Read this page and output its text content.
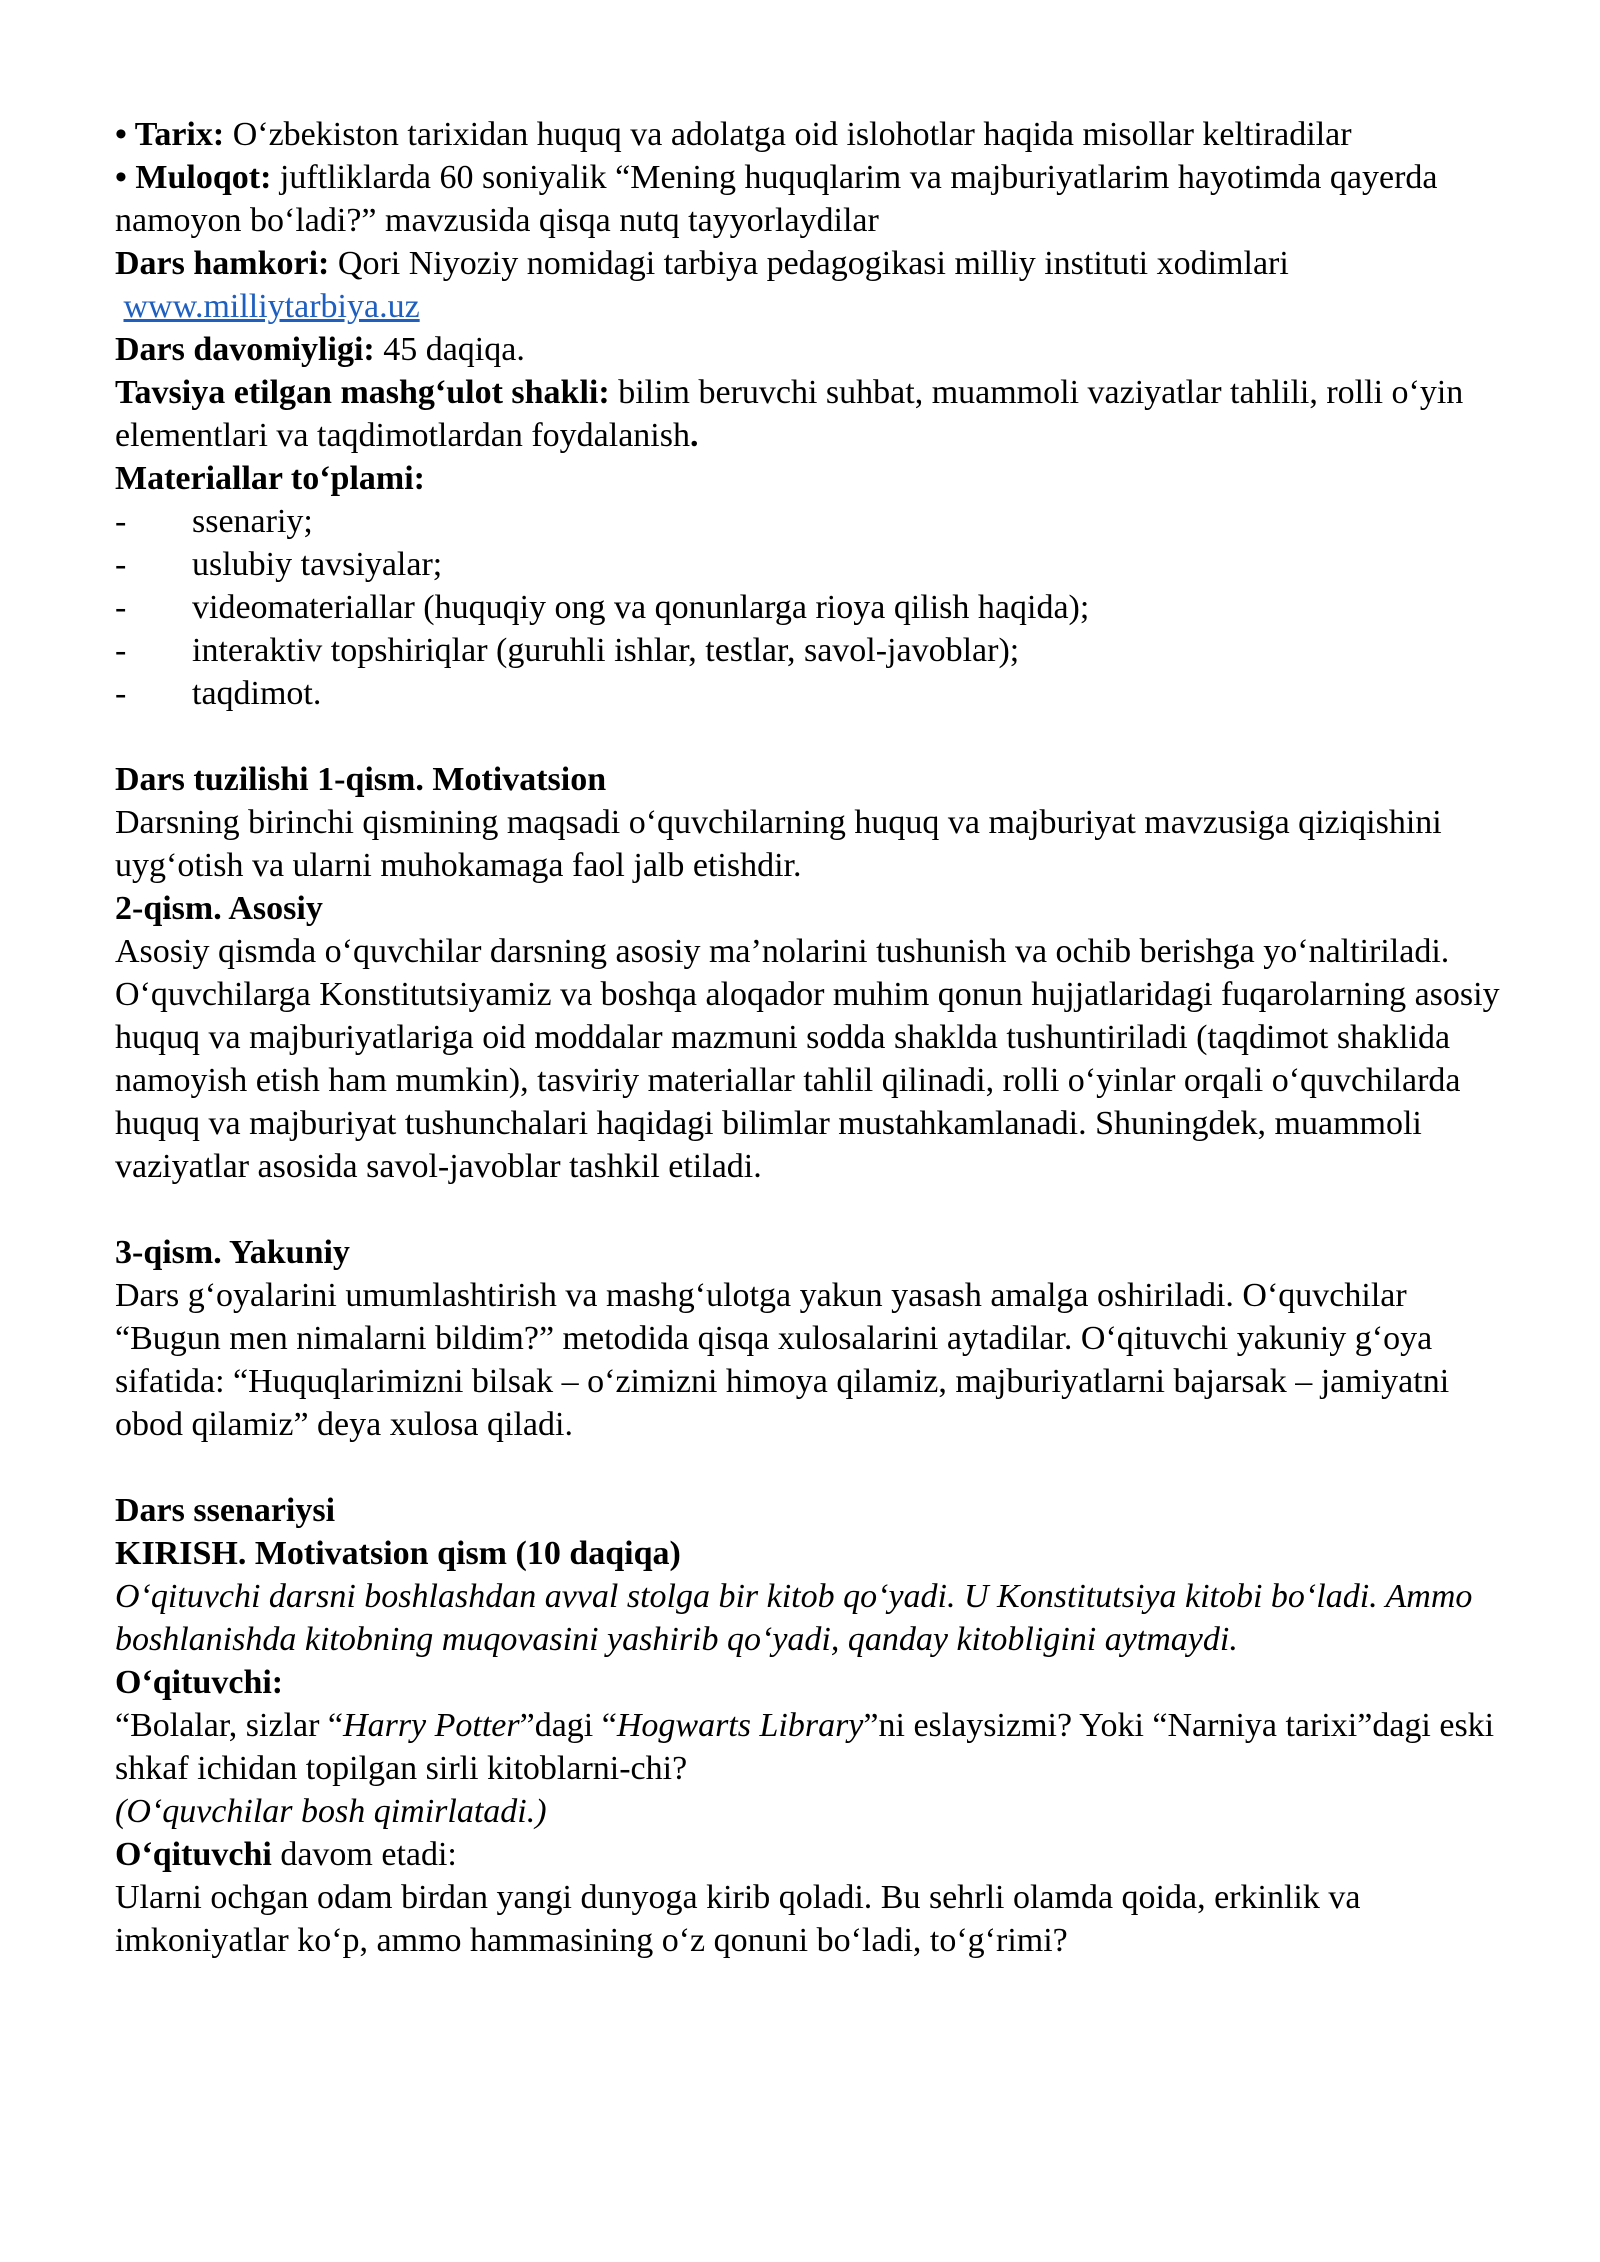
• Tarix: O‘zbekiston tarixidan huquq va adolatga oid islohotlar haqida misollar keltiradilar

• Muloqot: juftliklarda 60 soniyalik “Mening huquqlarim va majburiyatlarim hayotimda qayerda namoyon bo‘ladi?” mavzusida qisqa nutq tayyorlaydilar

Dars hamkori: Qori Niyoziy nomidagi tarbiya pedagogikasi milliy instituti xodimlari
www.milliytarbiya.uz

Dars davomiyligi: 45 daqiqa.

Tavsiya etilgan mashg‘ulot shakli: bilim beruvchi suhbat, muammoli vaziyatlar tahlili, rolli o‘yin elementlari va taqdimotlardan foydalanish.

Materiallar to‘plami:

- ssenariy;
- uslubiy tavsiyalar;
- videomateriallar (huquqiy ong va qonunlarga rioya qilish haqida);
- interaktiv topshiriqlar (guruhli ishlar, testlar, savol-javoblar);
- taqdimot.

Dars tuzilishi 1-qism. Motivatsion

Darsning birinchi qismining maqsadi o‘quvchilarning huquq va majburiyat mavzusiga qiziqishini uyg‘otish va ularni muhokamaga faol jalb etishdir.

2-qism. Asosiy

Asosiy qismda o‘quvchilar darsning asosiy ma’nolarini tushunish va ochib berishga yo‘naltiriladi. O‘quvchilarga Konstitutsiyamiz va boshqa aloqador muhim qonun hujjatlaridagi fuqarolarning asosiy huquq va majburiyatlariga oid moddalar mazmuni sodda shaklda tushuntiriladi (taqdimot shaklida namoyish etish ham mumkin), tasviriy materiallar tahlil qilinadi, rolli o‘yinlar orqali o‘quvchilarda huquq va majburiyat tushunchalari haqidagi bilimlar mustahkamlanadi. Shuningdek, muammoli vaziyatlar asosida savol-javoblar tashkil etiladi.

3-qism. Yakuniy

Dars g‘oyalarini umumlashtirish va mashg‘ulotga yakun yasash amalga oshiriladi. O‘quvchilar “Bugun men nimalarni bildim?” metodida qisqa xulosalarini aytadilar. O‘qituvchi yakuniy g‘oya sifatida: “Huquqlarimizni bilsak – o‘zimizni himoya qilamiz, majburiyatlarni bajarsak – jamiyatni obod qilamiz” deya xulosa qiladi.

Dars ssenariysi

KIRISH. Motivatsion qism (10 daqiqa)

O‘qituvchi darsni boshlashdan avval stolga bir kitob qo‘yadi. U Konstitutsiya kitobi bo‘ladi. Ammo boshlanishda kitobning muqovasini yashirib qo‘yadi, qanday kitobligini aytmaydi.

O‘qituvchi:

“Bolalar, sizlar “Harry Potter”dagi “Hogwarts Library”ni eslaysizmi? Yoki “Narniya tarixi”dagi eski shkaf ichidan topilgan sirli kitoblarni-chi?

(O‘quvchilar bosh qimirlatadi.)

O‘qituvchi davom etadi:

Ularni ochgan odam birdan yangi dunyoga kirib qoladi. Bu sehrli olamda qoida, erkinlik va imkoniyatlar ko‘p, ammo hammasining o‘z qonuni bo‘ladi, to‘g‘rimi?
